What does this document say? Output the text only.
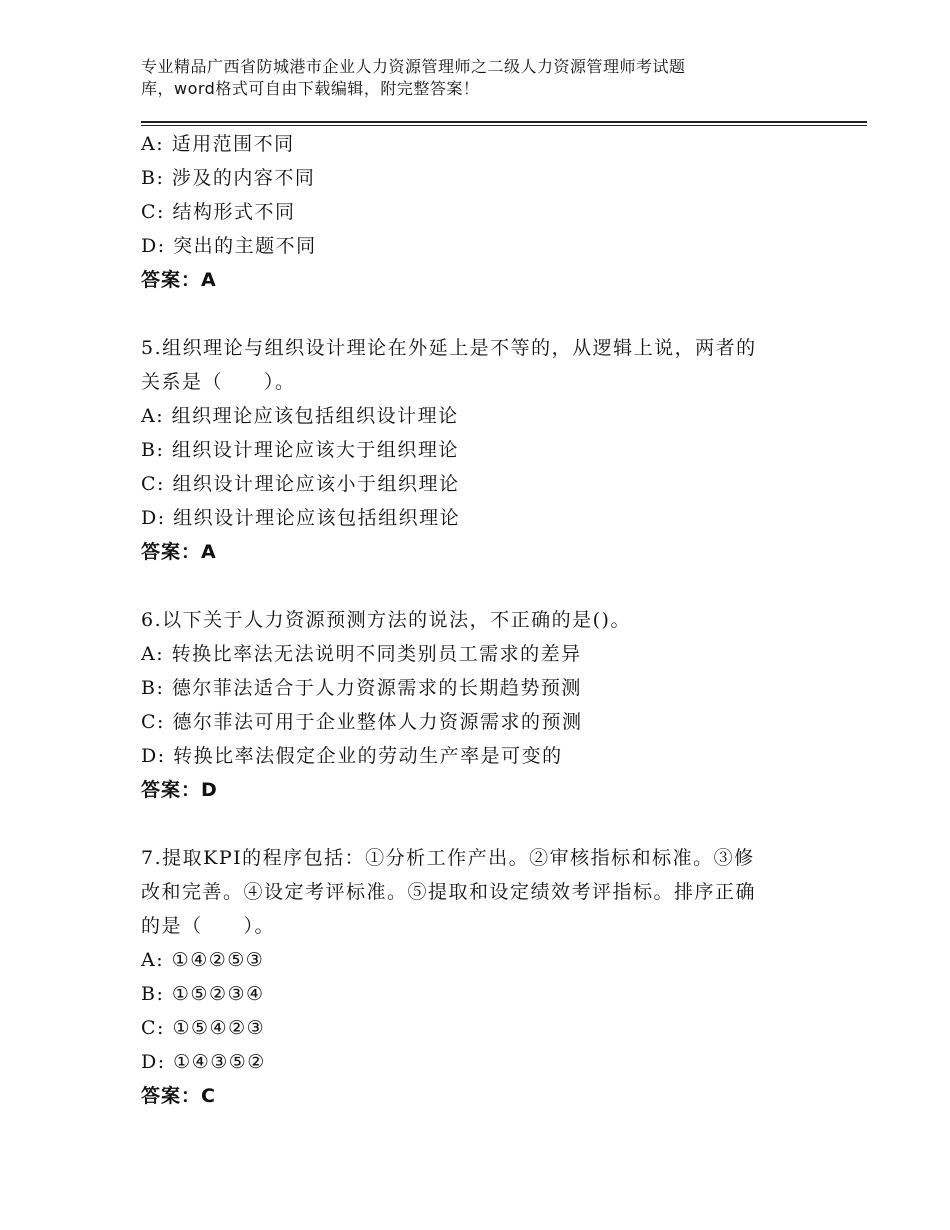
专业精品广西省防城港市企业人力资源管理师之二级人力资源管理师考试题
库，word格式可自由下载编辑，附完整答案！
A: 适用范围不同
B: 涉及的内容不同
C: 结构形式不同
D: 突出的主题不同
答案：A
5.组织理论与组织设计理论在外延上是不等的，从逻辑上说，两者的
关系是（　　）。
A: 组织理论应该包括组织设计理论
B: 组织设计理论应该大于组织理论
C: 组织设计理论应该小于组织理论
D: 组织设计理论应该包括组织理论
答案：A
6.以下关于人力资源预测方法的说法，不正确的是()。
A: 转换比率法无法说明不同类别员工需求的差异
B: 德尔菲法适合于人力资源需求的长期趋势预测
C: 德尔菲法可用于企业整体人力资源需求的预测
D: 转换比率法假定企业的劳动生产率是可变的
答案：D
7.提取KPI的程序包括：①分析工作产出。②审核指标和标准。③修
改和完善。④设定考评标准。⑤提取和设定绩效考评指标。排序正确
的是（　　）。
A: ①④②⑤③
B: ①⑤②③④
C: ①⑤④②③
D: ①④③⑤②
答案：C
